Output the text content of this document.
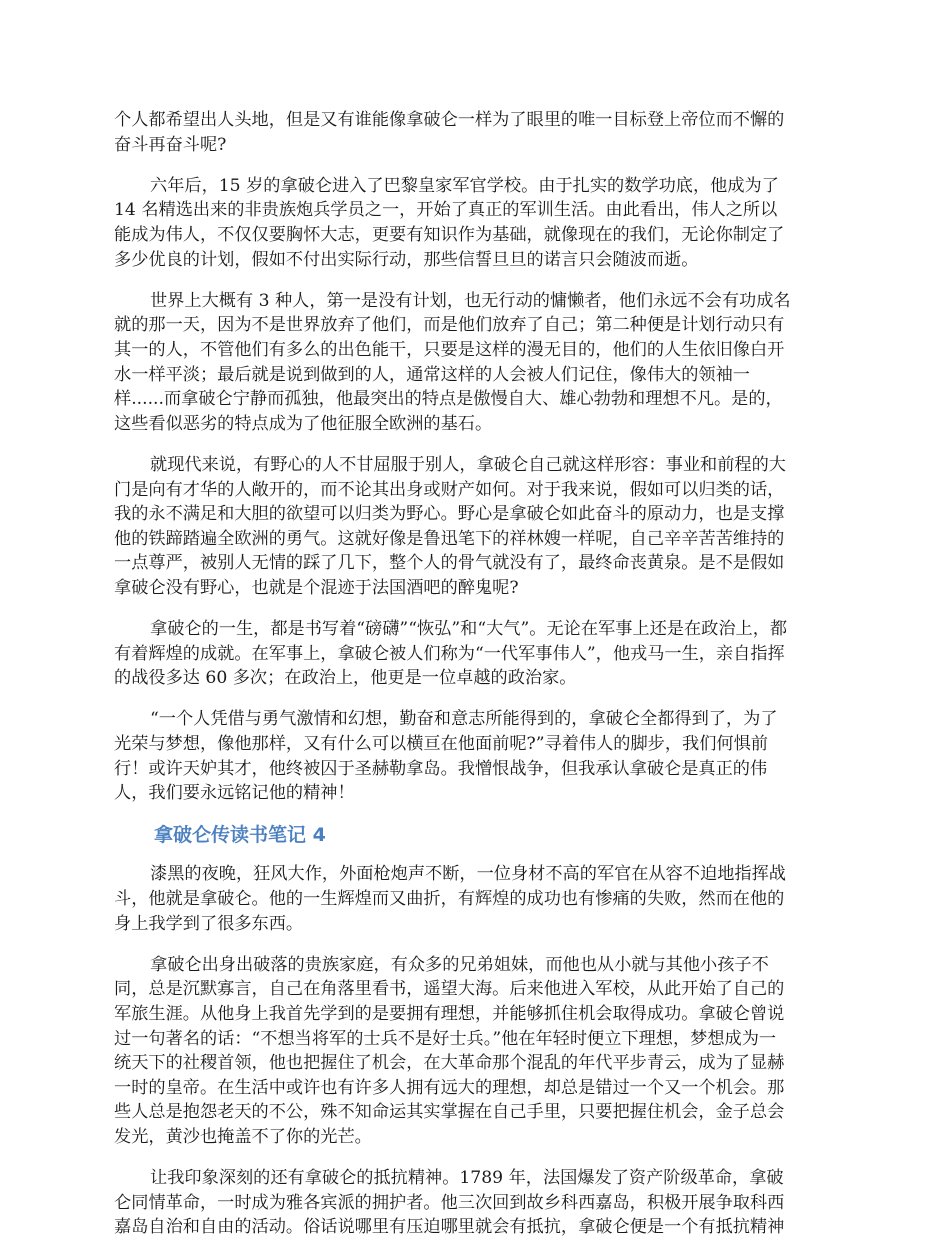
个人都希望出人头地，但是又有谁能像拿破仑一样为了眼里的唯一目标登上帝位而不懈的
奋斗再奋斗呢?
六年后，15 岁的拿破仑进入了巴黎皇家军官学校。由于扎实的数学功底，他成为了
14 名精选出来的非贵族炮兵学员之一，开始了真正的军训生活。由此看出，伟人之所以
能成为伟人，不仅仅要胸怀大志，更要有知识作为基础，就像现在的我们，无论你制定了
多少优良的计划，假如不付出实际行动，那些信誓旦旦的诺言只会随波而逝。
世界上大概有 3 种人，第一是没有计划，也无行动的慵懒者，他们永远不会有功成名
就的那一天，因为不是世界放弃了他们，而是他们放弃了自己；第二种便是计划行动只有
其一的人，不管他们有多么的出色能干，只要是这样的漫无目的，他们的人生依旧像白开
水一样平淡；最后就是说到做到的人，通常这样的人会被人们记住，像伟大的领袖一
样......而拿破仑宁静而孤独，他最突出的特点是傲慢自大、雄心勃勃和理想不凡。是的，
这些看似恶劣的特点成为了他征服全欧洲的基石。
就现代来说，有野心的人不甘屈服于别人，拿破仑自己就这样形容：事业和前程的大
门是向有才华的人敞开的，而不论其出身或财产如何。对于我来说，假如可以归类的话，
我的永不满足和大胆的欲望可以归类为野心。野心是拿破仑如此奋斗的原动力，也是支撑
他的铁蹄踏遍全欧洲的勇气。这就好像是鲁迅笔下的祥林嫂一样呢，自己辛辛苦苦维持的
一点尊严，被别人无情的踩了几下，整个人的骨气就没有了，最终命丧黄泉。是不是假如
拿破仑没有野心，也就是个混迹于法国酒吧的醉鬼呢?
拿破仑的一生，都是书写着“磅礴”“恢弘”和“大气”。无论在军事上还是在政治上，都
有着辉煌的成就。在军事上，拿破仑被人们称为“一代军事伟人”，他戎马一生，亲自指挥
的战役多达 60 多次；在政治上，他更是一位卓越的政治家。
“一个人凭借与勇气激情和幻想，勤奋和意志所能得到的，拿破仑全都得到了，为了
光荣与梦想，像他那样，又有什么可以横亘在他面前呢?”寻着伟人的脚步，我们何惧前
行！或许天妒其才，他终被囚于圣赫勒拿岛。我憎恨战争，但我承认拿破仑是真正的伟
人，我们要永远铭记他的精神！
拿破仑传读书笔记 4
漆黑的夜晚，狂风大作，外面枪炮声不断，一位身材不高的军官在从容不迫地指挥战
斗，他就是拿破仑。他的一生辉煌而又曲折，有辉煌的成功也有惨痛的失败，然而在他的
身上我学到了很多东西。
拿破仑出身出破落的贵族家庭，有众多的兄弟姐妹，而他也从小就与其他小孩子不
同，总是沉默寡言，自己在角落里看书，遥望大海。后来他进入军校，从此开始了自己的
军旅生涯。从他身上我首先学到的是要拥有理想，并能够抓住机会取得成功。拿破仑曾说
过一句著名的话：“不想当将军的士兵不是好士兵。”他在年轻时便立下理想，梦想成为一
统天下的社稷首领，他也把握住了机会，在大革命那个混乱的年代平步青云，成为了显赫
一时的皇帝。在生活中或许也有许多人拥有远大的理想，却总是错过一个又一个机会。那
些人总是抱怨老天的不公，殊不知命运其实掌握在自己手里，只要把握住机会，金子总会
发光，黄沙也掩盖不了你的光芒。
让我印象深刻的还有拿破仑的抵抗精神。1789 年，法国爆发了资产阶级革命，拿破
仑同情革命，一时成为雅各宾派的拥护者。他三次回到故乡科西嘉岛，积极开展争取科西
嘉岛自治和自由的活动。俗话说哪里有压迫哪里就会有抵抗，拿破仑便是一个有抵抗精神
